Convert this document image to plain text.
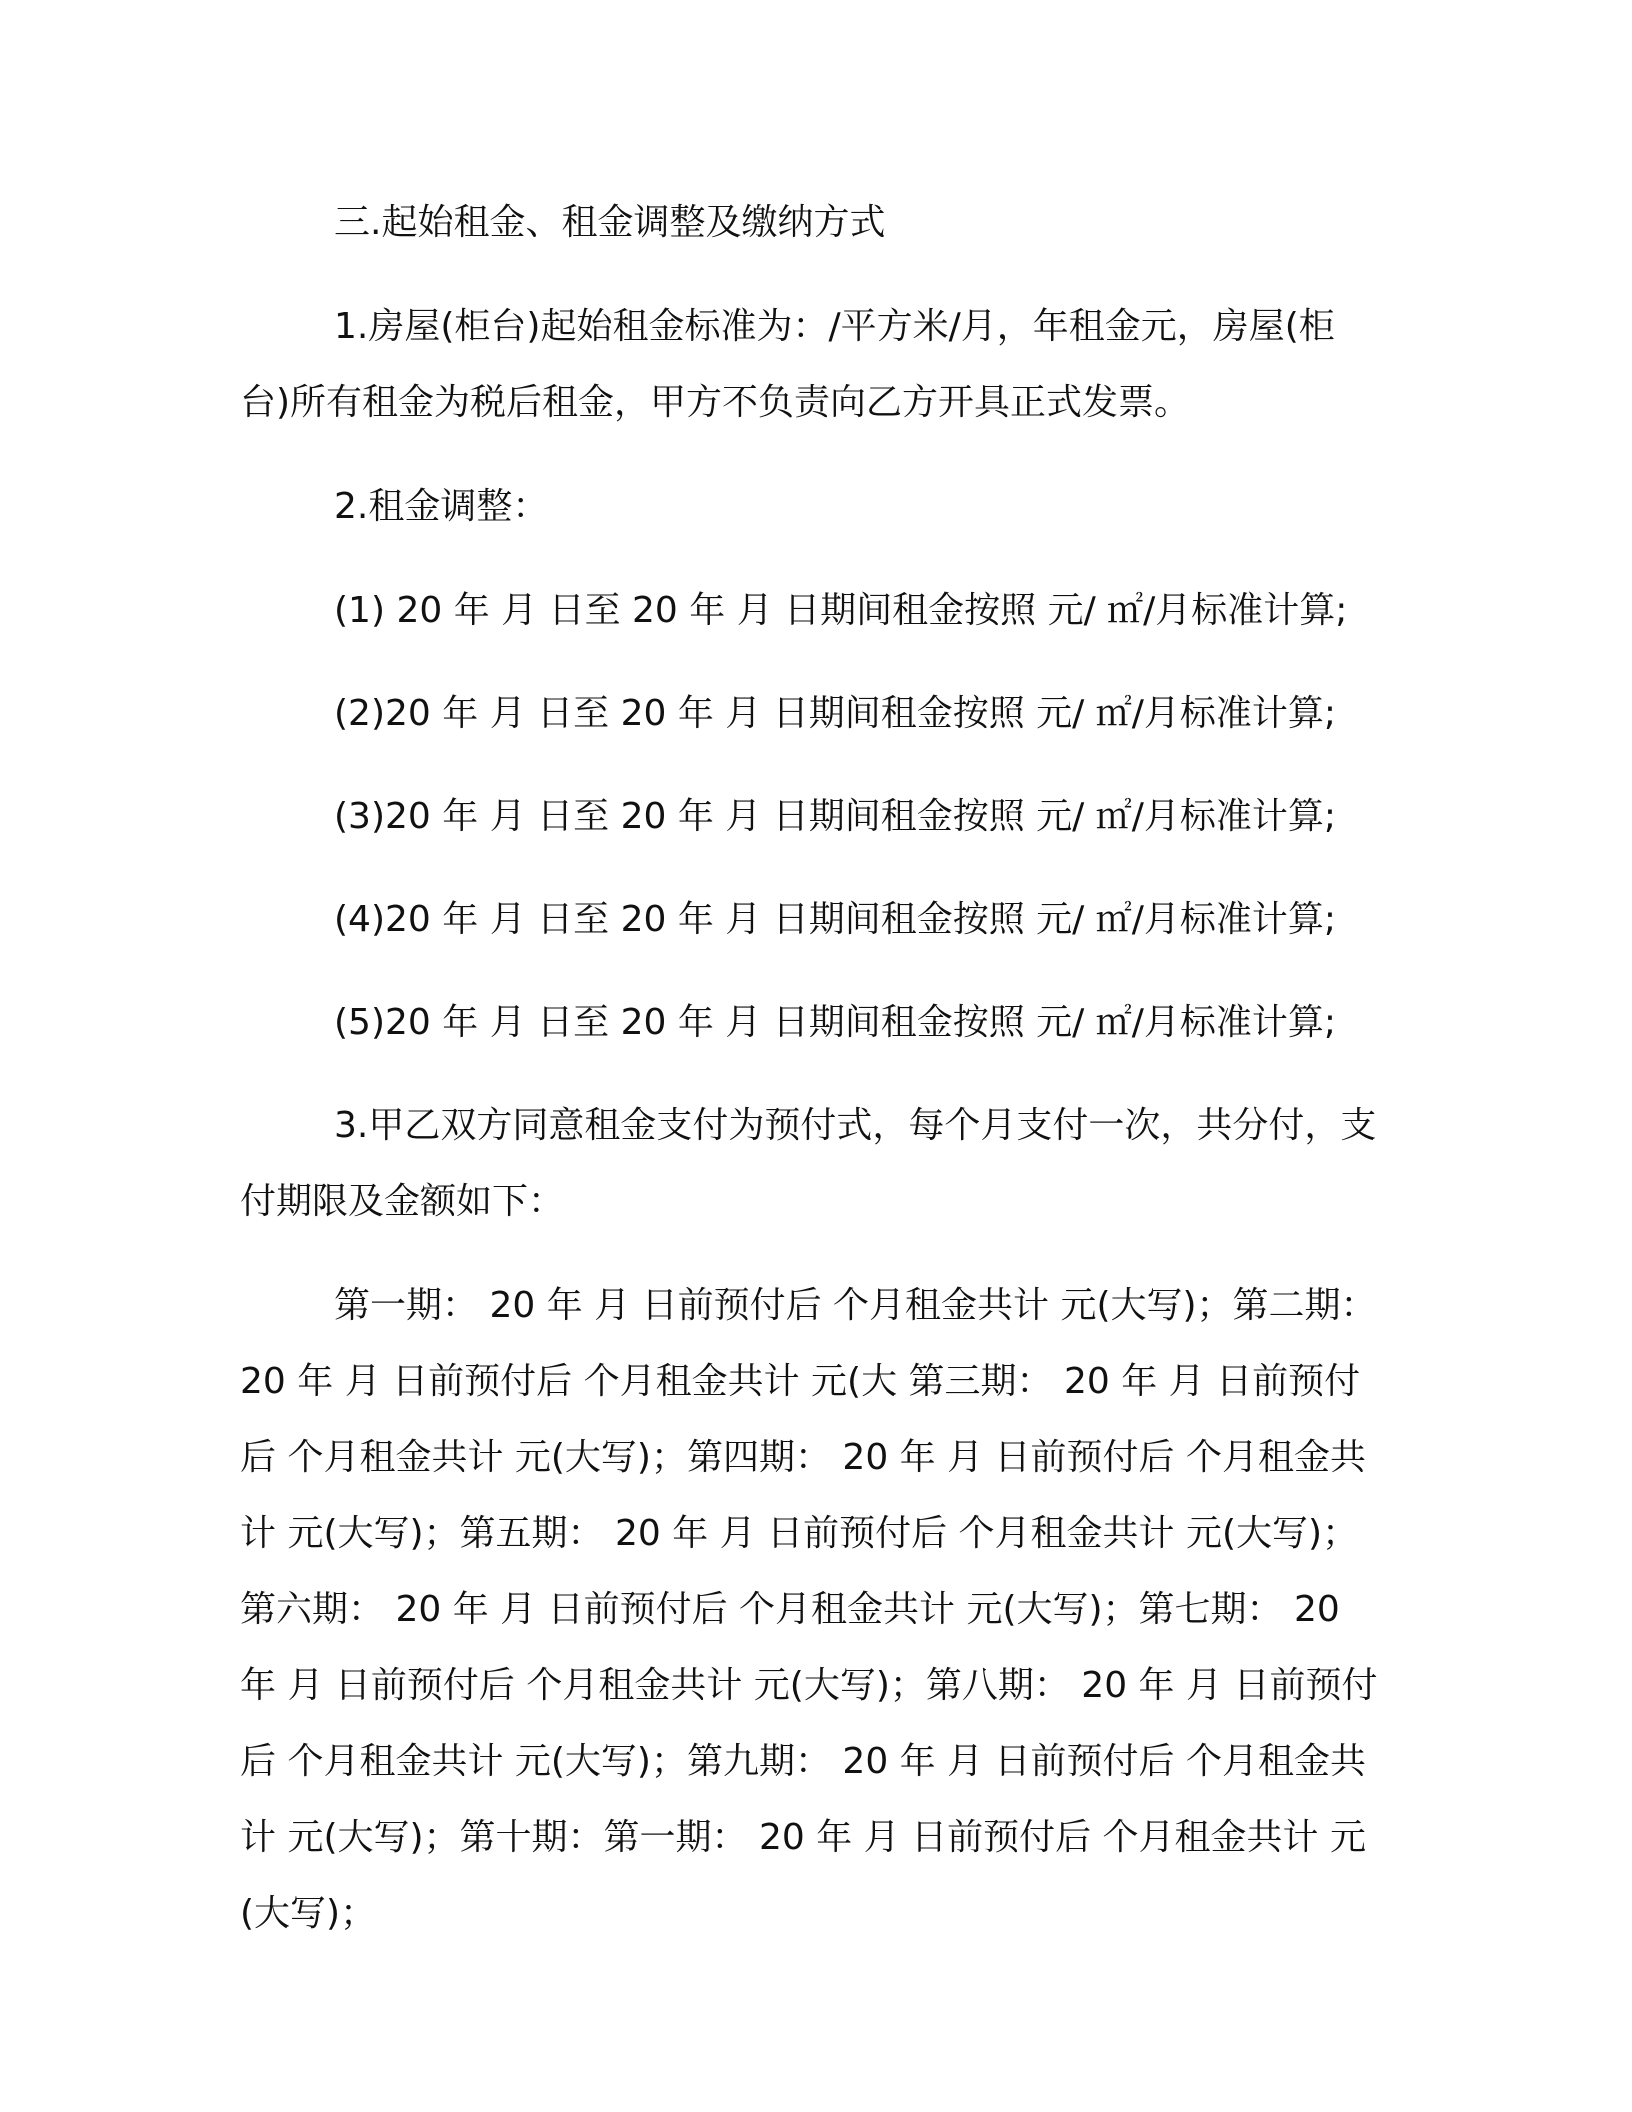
三.起始租金、租金调整及缴纳方式

1.房屋(柜台)起始租金标准为：/平方米/月，年租金元，房屋(柜台)所有租金为税后租金，甲方不负责向乙方开具正式发票。

2.租金调整：

(1) 20 年 月 日至 20 年 月 日期间租金按照 元/ ㎡/月标准计算;

(2)20 年 月 日至 20 年 月 日期间租金按照 元/ ㎡/月标准计算;

(3)20 年 月 日至 20 年 月 日期间租金按照 元/ ㎡/月标准计算;

(4)20 年 月 日至 20 年 月 日期间租金按照 元/ ㎡/月标准计算;

(5)20 年 月 日至 20 年 月 日期间租金按照 元/ ㎡/月标准计算;

3.甲乙双方同意租金支付为预付式，每个月支付一次，共分付，支付期限及金额如下：

第一期： 20 年 月 日前预付后 个月租金共计 元(大写)；第二期： 20 年 月 日前预付后 个月租金共计 元(大 第三期： 20 年 月 日前预付后 个月租金共计 元(大写)；第四期： 20 年 月 日前预付后 个月租金共计 元(大写)；第五期： 20 年 月 日前预付后 个月租金共计 元(大写)；第六期： 20 年 月 日前预付后 个月租金共计 元(大写)；第七期： 20 年 月 日前预付后 个月租金共计 元(大写)；第八期： 20 年 月 日前预付后 个月租金共计 元(大写)；第九期： 20 年 月 日前预付后 个月租金共计 元(大写)；第十期：第一期： 20 年 月 日前预付后 个月租金共计 元(大写)；
